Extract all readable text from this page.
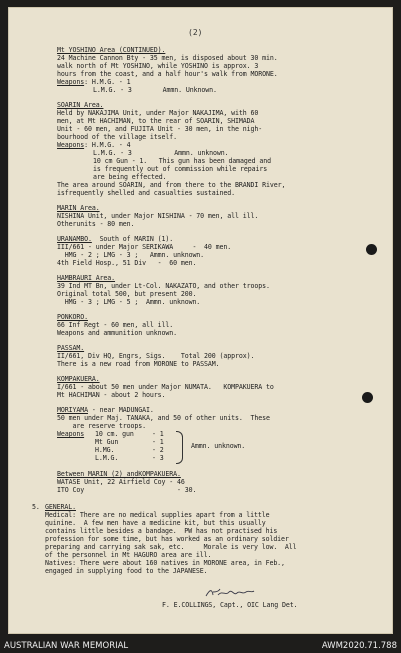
(2)
Mt YOSHINO Area (CONTINUED).
24 Machine Cannon Bty - 35 men, is disposed about 30 min.
walk north of Mt YOSHINO, while YOSHINO is approx. 3
hours from the coast, and a half hour's walk from MORONE.
Weapons: H.M.G. - 1
L.M.G. - 3        Ammn. Unknown.
SOARIN Area.
Held by NAKAJIMA Unit, under Major NAKAJIMA, with 60
men, at Mt HACHIMAN, to the rear of SOARIN, SHIMADA
Unit - 60 men, and FUJITA Unit - 30 men, in the nigh-
bourhood of the village itself.
Weapons: H.M.G. - 4
L.M.G. - 3           Ammn. unknown.
10 cm Gun - 1.   This gun has been damaged and
is frequently out of commission while repairs
are being effected.
The area around SOARIN, and from there to the BRANDI River,
isfrequently shelled and casualties sustained.
MARIN Area.
NISHINA Unit, under Major NISHINA - 70 men, all ill.
Otherunits - 80 men.
URANAMBO.  South of MARIN (1).
III/661 - under Major SERIKAWA     -  40 men.
HMG - 2 ; LMG - 3 ;   Ammn. unknown.
4th Field Hosp., 51 Div   -  60 men.
HAMBRAURI Area.
39 Ind MT Bn, under Lt-Col. NAKAZATO, and other troops.
Original total 500, but present 200.
HMG - 3 ; LMG - 5 ;  Ammn. unknown.
PONKORO.
66 Inf Regt - 60 men, all ill.
Weapons and ammunition unknown.
PASSAM.
II/661, Div HQ, Engrs, Sigs.    Total 200 (approx).
There is a new road from MORONE to PASSAM.
KOMPAKUERA.
I/661 - about 50 men under Major NUMATA.   KOMPAKUERA to
Mt HACHIMAN - about 2 hours.
MORIYAMA - near MADUNGAI.
50 men under Maj. TANAKA, and 50 of other units.  These
are reserve troops.
Weapons 10 cm. gun	- 1
Mt Gun	- 1
H.MG.	- 2
L.M.G.	- 3
Ammn. unknown.
Between MARIN (2) andKOMPAKUERA.
WATASE Unit, 22 Airfield Coy - 46
ITO Coy                        - 30.
5. GENERAL.
Medical: There are no medical supplies apart from a little
quinine.  A few men have a medicine kit, but this usually
contains little besides a bandage.  PW has not practised his
profession for some time, but has worked as an ordinary soldier
preparing and carrying sak sak, etc.     Morale is very low.  All
of the personnel in Mt HAGURO area are ill.
Natives: There were about 160 natives in MORONE area, in Feb.,
engaged in supplying food to the JAPANESE.
F. E.COLLINGS, Capt., OIC Lang Det.
AUSTRALIAN WAR MEMORIAL	AWM2020.71.788
